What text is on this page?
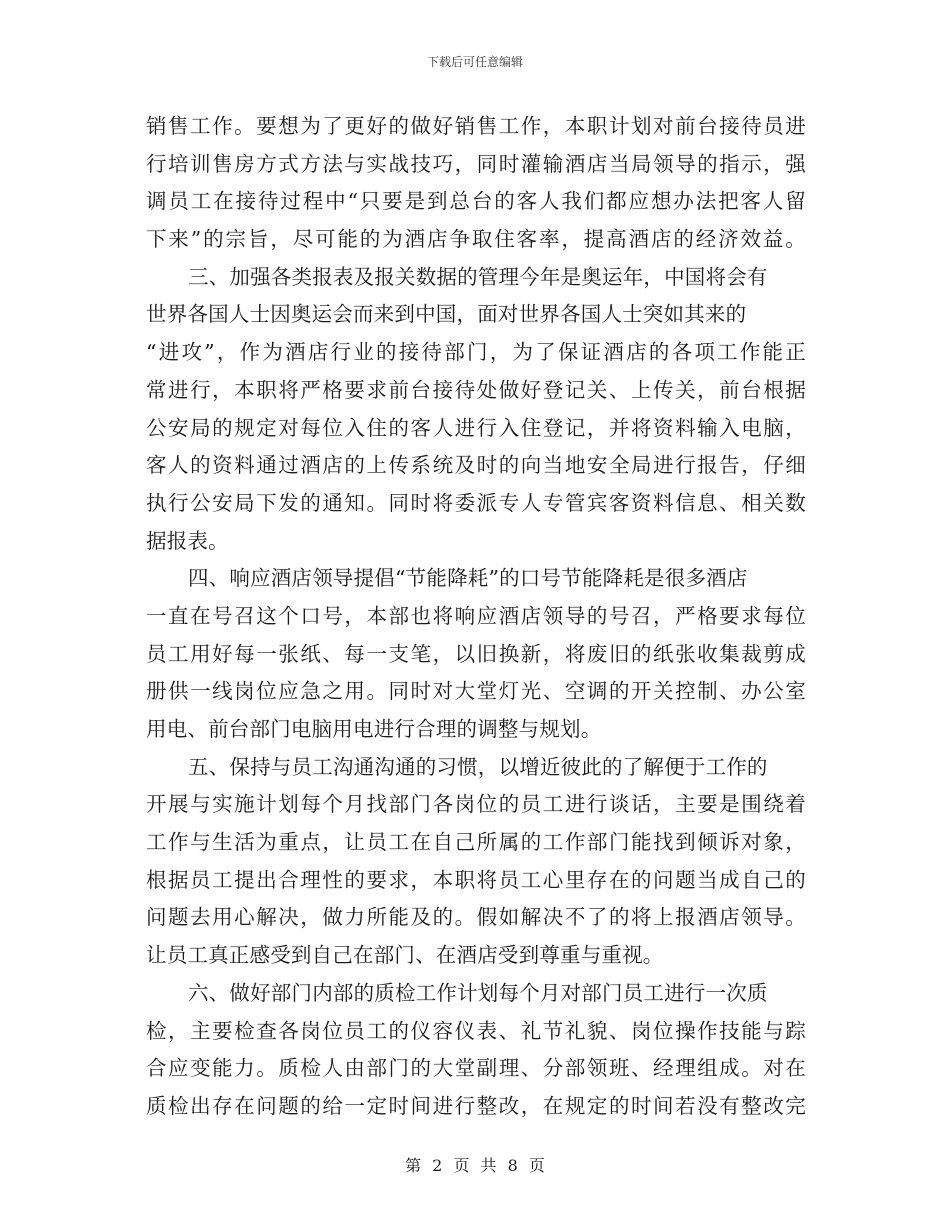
下载后可任意编辑
销售工作。要想为了更好的做好销售工作，本职计划对前台接待员进
行培训售房方式方法与实战技巧，同时灌输酒店当局领导的指示，强
调员工在接待过程中“只要是到总台的客人我们都应想办法把客人留
下来”的宗旨，尽可能的为酒店争取住客率，提高酒店的经济效益。
三、加强各类报表及报关数据的管理今年是奥运年，中国将会有
世界各国人士因奥运会而来到中国，面对世界各国人士突如其来的
“进攻”，作为酒店行业的接待部门，为了保证酒店的各项工作能正
常进行，本职将严格要求前台接待处做好登记关、上传关，前台根据
公安局的规定对每位入住的客人进行入住登记，并将资料输入电脑，
客人的资料通过酒店的上传系统及时的向当地安全局进行报告，仔细
执行公安局下发的通知。同时将委派专人专管宾客资料信息、相关数
据报表。
四、响应酒店领导提倡“节能降耗”的口号节能降耗是很多酒店
一直在号召这个口号，本部也将响应酒店领导的号召，严格要求每位
员工用好每一张纸、每一支笔，以旧换新，将废旧的纸张收集裁剪成
册供一线岗位应急之用。同时对大堂灯光、空调的开关控制、办公室
用电、前台部门电脑用电进行合理的调整与规划。
五、保持与员工沟通沟通的习惯，以增近彼此的了解便于工作的
开展与实施计划每个月找部门各岗位的员工进行谈话，主要是围绕着
工作与生活为重点，让员工在自己所属的工作部门能找到倾诉对象，
根据员工提出合理性的要求，本职将员工心里存在的问题当成自己的
问题去用心解决，做力所能及的。假如解决不了的将上报酒店领导。
让员工真正感受到自己在部门、在酒店受到尊重与重视。
六、做好部门内部的质检工作计划每个月对部门员工进行一次质
检，主要检查各岗位员工的仪容仪表、礼节礼貌、岗位操作技能与踪
合应变能力。质检人由部门的大堂副理、分部领班、经理组成。对在
质检出存在问题的给一定时间进行整改，在规定的时间若没有整改完
第 2 页 共 8 页
